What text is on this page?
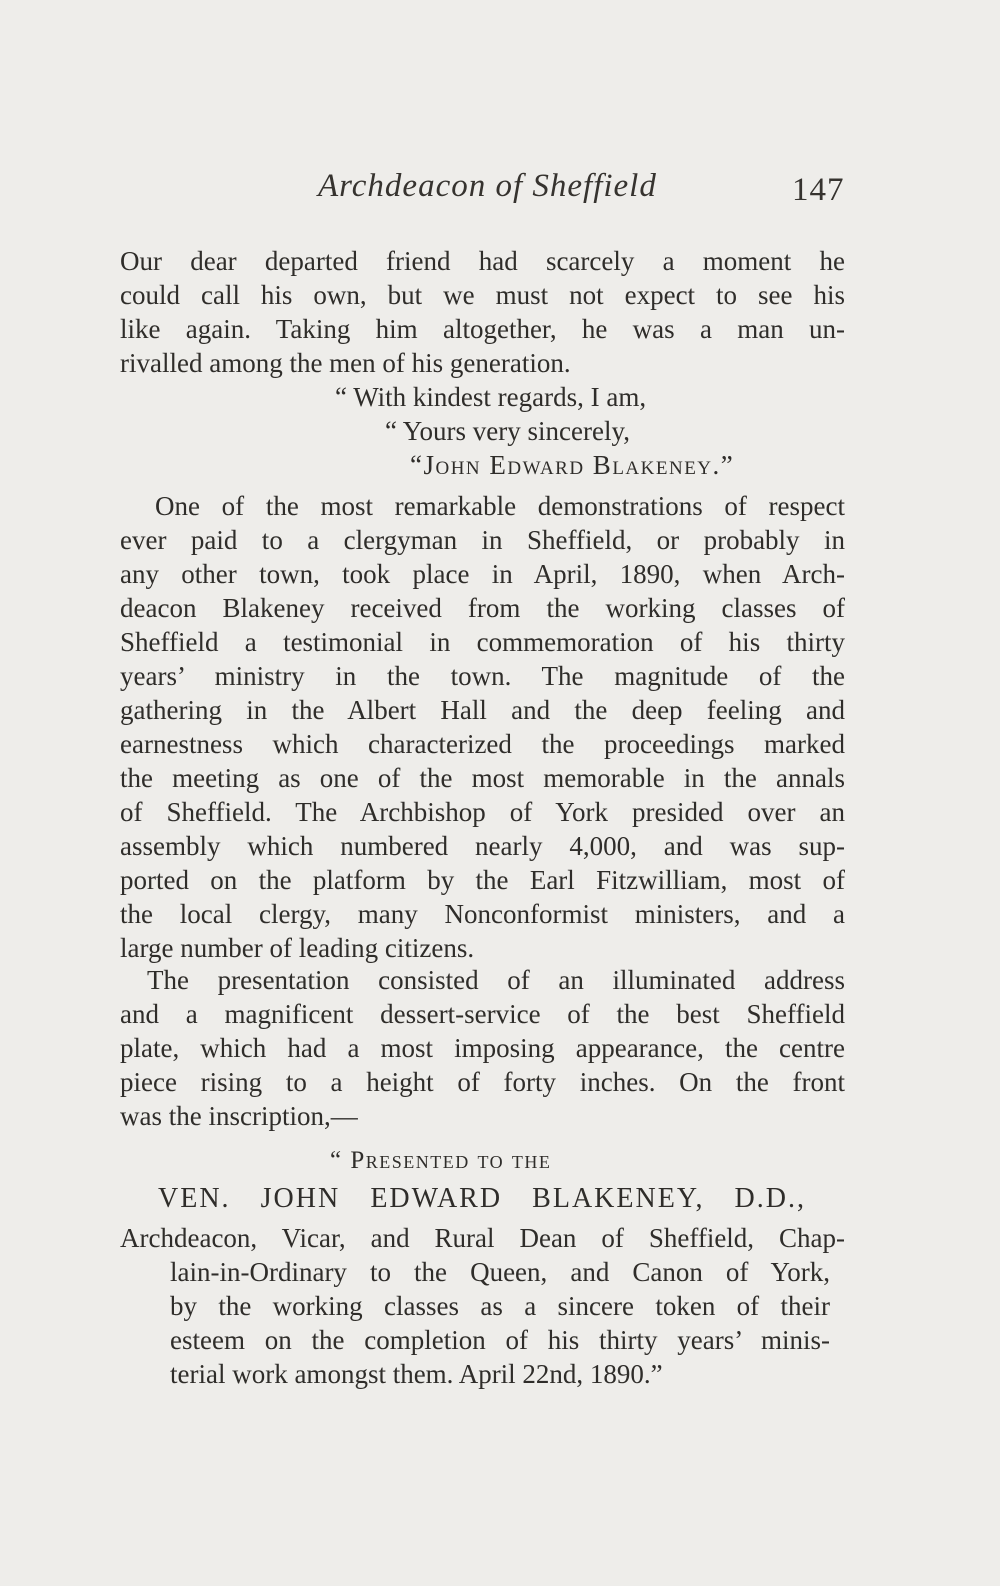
Archdeacon of Sheffield	147
Our dear departed friend had scarcely a moment he
could call his own, but we must not expect to see his
like again. Taking him altogether, he was a man un-
rivalled among the men of his generation.
“ With kindest regards, I am,
“ Yours very sincerely,
“John Edward Blakeney.”
One of the most remarkable demonstrations of respect
ever paid to a clergyman in Sheffield, or probably in
any other town, took place in April, 1890, when Arch-
deacon Blakeney received from the working classes of
Sheffield a testimonial in commemoration of his thirty
years’ ministry in the town. The magnitude of the
gathering in the Albert Hall and the deep feeling and
earnestness which characterized the proceedings marked
the meeting as one of the most memorable in the annals
of Sheffield. The Archbishop of York presided over an
assembly which numbered nearly 4,000, and was sup-
ported on the platform by the Earl Fitzwilliam, most of
the local clergy, many Nonconformist ministers, and a
large number of leading citizens.
The presentation consisted of an illuminated address
and a magnificent dessert-service of the best Sheffield
plate, which had a most imposing appearance, the centre
piece rising to a height of forty inches. On the front
was the inscription,—
“ Presented to the
VEN. JOHN EDWARD BLAKENEY, D.D.,
Archdeacon, Vicar, and Rural Dean of Sheffield, Chap-
lain-in-Ordinary to the Queen, and Canon of York,
by the working classes as a sincere token of their
esteem on the completion of his thirty years’ minis-
terial work amongst them. April 22nd, 1890.”
